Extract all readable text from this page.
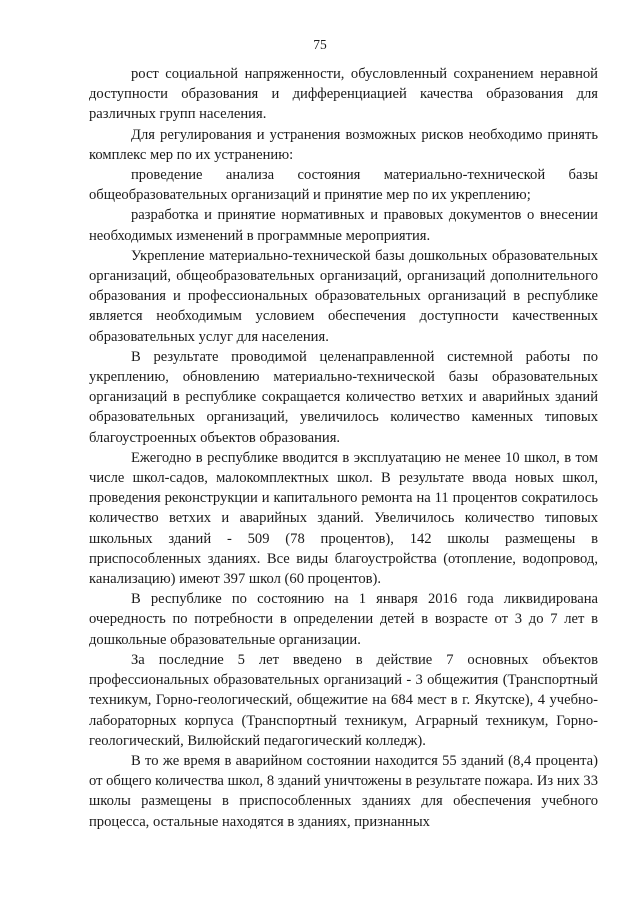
75

рост социальной напряженности, обусловленный сохранением неравной доступности образования и дифференциацией качества образования для различных групп населения.

Для регулирования и устранения возможных рисков необходимо принять комплекс мер по их устранению:

проведение анализа состояния материально-технической базы общеобразовательных организаций и принятие мер по их укреплению;

разработка и принятие нормативных и правовых документов о внесении необходимых изменений в программные мероприятия.

Укрепление материально-технической базы дошкольных образовательных организаций, общеобразовательных организаций, организаций дополнительного образования и профессиональных образовательных организаций в республике является необходимым условием обеспечения доступности качественных образовательных услуг для населения.

В результате проводимой целенаправленной системной работы по укреплению, обновлению материально-технической базы образовательных организаций в республике сокращается количество ветхих и аварийных зданий образовательных организаций, увеличилось количество каменных типовых благоустроенных объектов образования.

Ежегодно в республике вводится в эксплуатацию не менее 10 школ, в том числе школ-садов, малокомплектных школ. В результате ввода новых школ, проведения реконструкции и капитального ремонта на 11 процентов сократилось количество ветхих и аварийных зданий. Увеличилось количество типовых школьных зданий - 509 (78 процентов), 142 школы размещены в приспособленных зданиях. Все виды благоустройства (отопление, водопровод, канализацию) имеют 397 школ (60 процентов).

В республике по состоянию на 1 января 2016 года ликвидирована очередность по потребности в определении детей в возрасте от 3 до 7 лет в дошкольные образовательные организации.

За последние 5 лет введено в действие 7 основных объектов профессиональных образовательных организаций - 3 общежития (Транспортный техникум, Горно-геологический, общежитие на 684 мест в г. Якутске), 4 учебно-лабораторных корпуса (Транспортный техникум, Аграрный техникум, Горно-геологический, Вилюйский педагогический колледж).

В то же время в аварийном состоянии находится 55 зданий (8,4 процента) от общего количества школ, 8 зданий уничтожены в результате пожара. Из них 33 школы размещены в приспособленных зданиях для обеспечения учебного процесса, остальные находятся в зданиях, признанных
